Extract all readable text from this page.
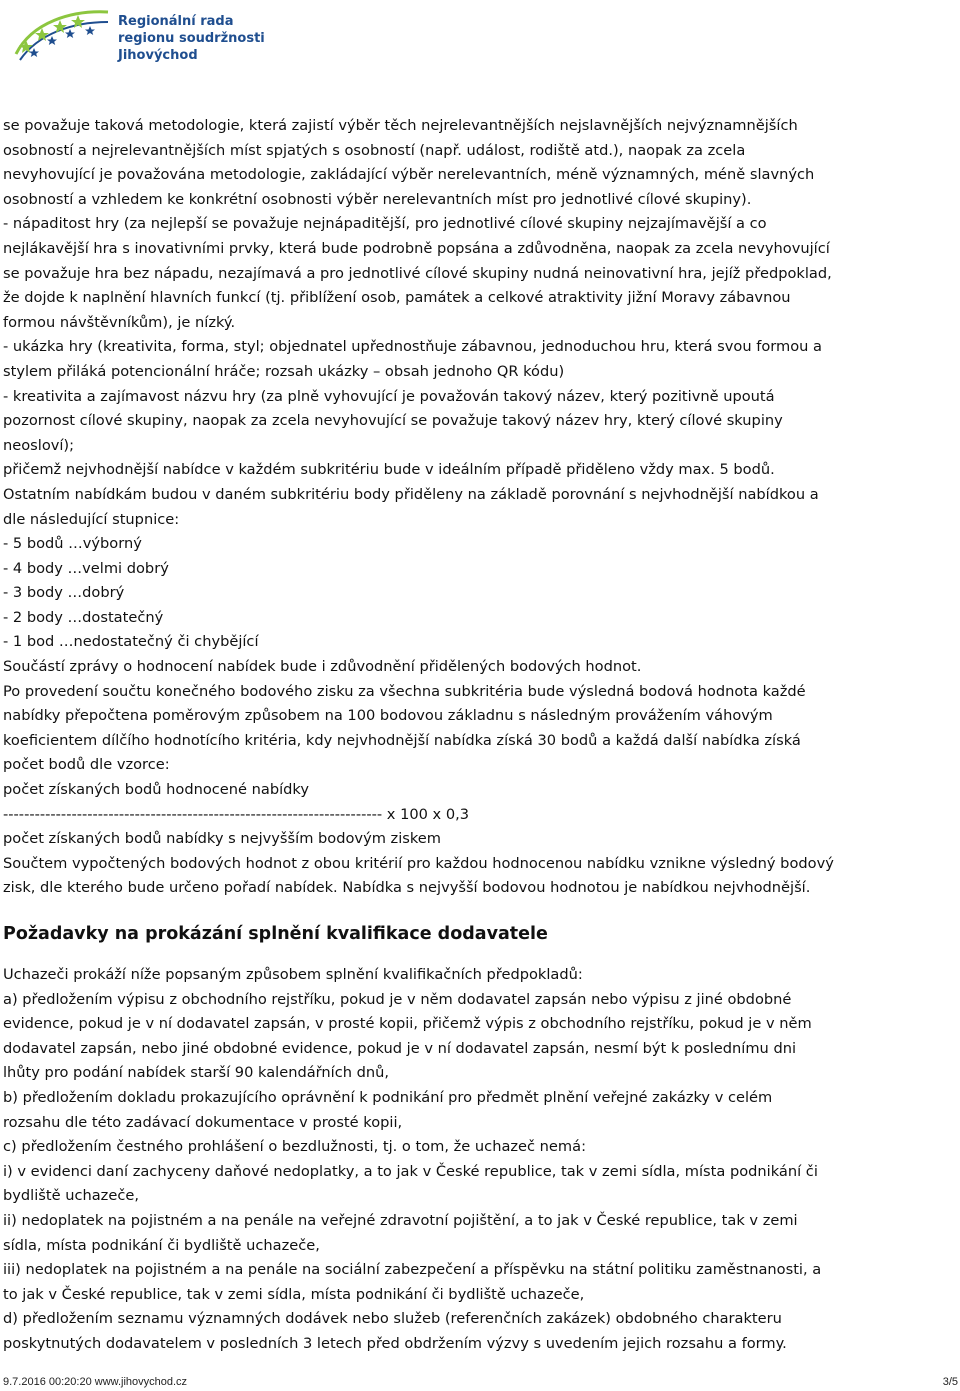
Regionální rada
regionu soudržnosti
Jihovýchod

se považuje taková metodologie, která zajistí výběr těch nejrelevantnějších nejslavnějších nejvýznamnějších

osobností a nejrelevantnějších míst spjatých s osobností (např. událost, rodiště atd.), naopak za zcela

nevyhovující je považována metodologie, zakládající výběr nerelevantních, méně významných, méně slavných

osobností a vzhledem ke konkrétní osobnosti výběr nerelevantních míst pro jednotlivé cílové skupiny).

- nápaditost hry (za nejlepší se považuje nejnápaditější, pro jednotlivé cílové skupiny nejzajímavější a co

nejlákavější hra s inovativními prvky, která bude podrobně popsána a zdůvodněna, naopak za zcela nevyhovující

se považuje hra bez nápadu, nezajímavá a pro jednotlivé cílové skupiny nudná neinovativní hra, jejíž předpoklad,

že dojde k naplnění hlavních funkcí (tj. přiblížení osob, památek a celkové atraktivity jižní Moravy zábavnou

formou návštěvníkům), je nízký.

- ukázka hry (kreativita, forma, styl; objednatel upřednostňuje zábavnou, jednoduchou hru, která svou formou a

stylem přiláká potencionální hráče; rozsah ukázky – obsah jednoho QR kódu)

- kreativita a zajímavost názvu hry (za plně vyhovující je považován takový název, který pozitivně upoutá

pozornost cílové skupiny, naopak za zcela nevyhovující se považuje takový název hry, který cílové skupiny

neosloví);

přičemž nejvhodnější nabídce v každém subkritériu bude v ideálním případě přiděleno vždy max. 5 bodů.

Ostatním nabídkám budou v daném subkritériu body přiděleny na základě porovnání s nejvhodnější nabídkou a

dle následující stupnice:

- 5 bodů …výborný

- 4 body …velmi dobrý

- 3 body …dobrý

- 2 body …dostatečný

- 1 bod …nedostatečný či chybějící

Součástí zprávy o hodnocení nabídek bude i zdůvodnění přidělených bodových hodnot.

Po provedení součtu konečného bodového zisku za všechna subkritéria bude výsledná bodová hodnota každé

nabídky přepočtena poměrovým způsobem na 100 bodovou základnu s následným provážením váhovým

koeficientem dílčího hodnotícího kritéria, kdy nejvhodnější nabídka získá 30 bodů a každá další nabídka získá

počet bodů dle vzorce:

počet získaných bodů hodnocené nabídky

------------------------------------------------------------------------ x 100 x 0,3

počet získaných bodů nabídky s nejvyšším bodovým ziskem

Součtem vypočtených bodových hodnot z obou kritérií pro každou hodnocenou nabídku vznikne výsledný bodový

zisk, dle kterého bude určeno pořadí nabídek. Nabídka s nejvyšší bodovou hodnotou je nabídkou nejvhodnější.

Požadavky na prokázání splnění kvalifikace dodavatele

Uchazeči prokáží níže popsaným způsobem splnění kvalifikačních předpokladů:

a) předložením výpisu z obchodního rejstříku, pokud je v něm dodavatel zapsán nebo výpisu z jiné obdobné

evidence, pokud je v ní dodavatel zapsán, v prosté kopii, přičemž výpis z obchodního rejstříku, pokud je v něm

dodavatel zapsán, nebo jiné obdobné evidence, pokud je v ní dodavatel zapsán, nesmí být k poslednímu dni

lhůty pro podání nabídek starší 90 kalendářních dnů,

b) předložením dokladu prokazujícího oprávnění k podnikání pro předmět plnění veřejné zakázky v celém

rozsahu dle této zadávací dokumentace v prosté kopii,

c) předložením čestného prohlášení o bezdlužnosti, tj. o tom, že uchazeč nemá:

i) v evidenci daní zachyceny daňové nedoplatky, a to jak v České republice, tak v zemi sídla, místa podnikání či

bydliště uchazeče,

ii) nedoplatek na pojistném a na penále na veřejné zdravotní pojištění, a to jak v České republice, tak v zemi

sídla, místa podnikání či bydliště uchazeče,

iii) nedoplatek na pojistném a na penále na sociální zabezpečení a příspěvku na státní politiku zaměstnanosti, a

to jak v České republice, tak v zemi sídla, místa podnikání či bydliště uchazeče,

d) předložením seznamu významných dodávek nebo služeb (referenčních zakázek) obdobného charakteru

poskytnutých dodavatelem v posledních 3 letech před obdržením výzvy s uvedením jejich rozsahu a formy.

9.7.2016 00:20:20 www.jihovychod.cz	3/5
